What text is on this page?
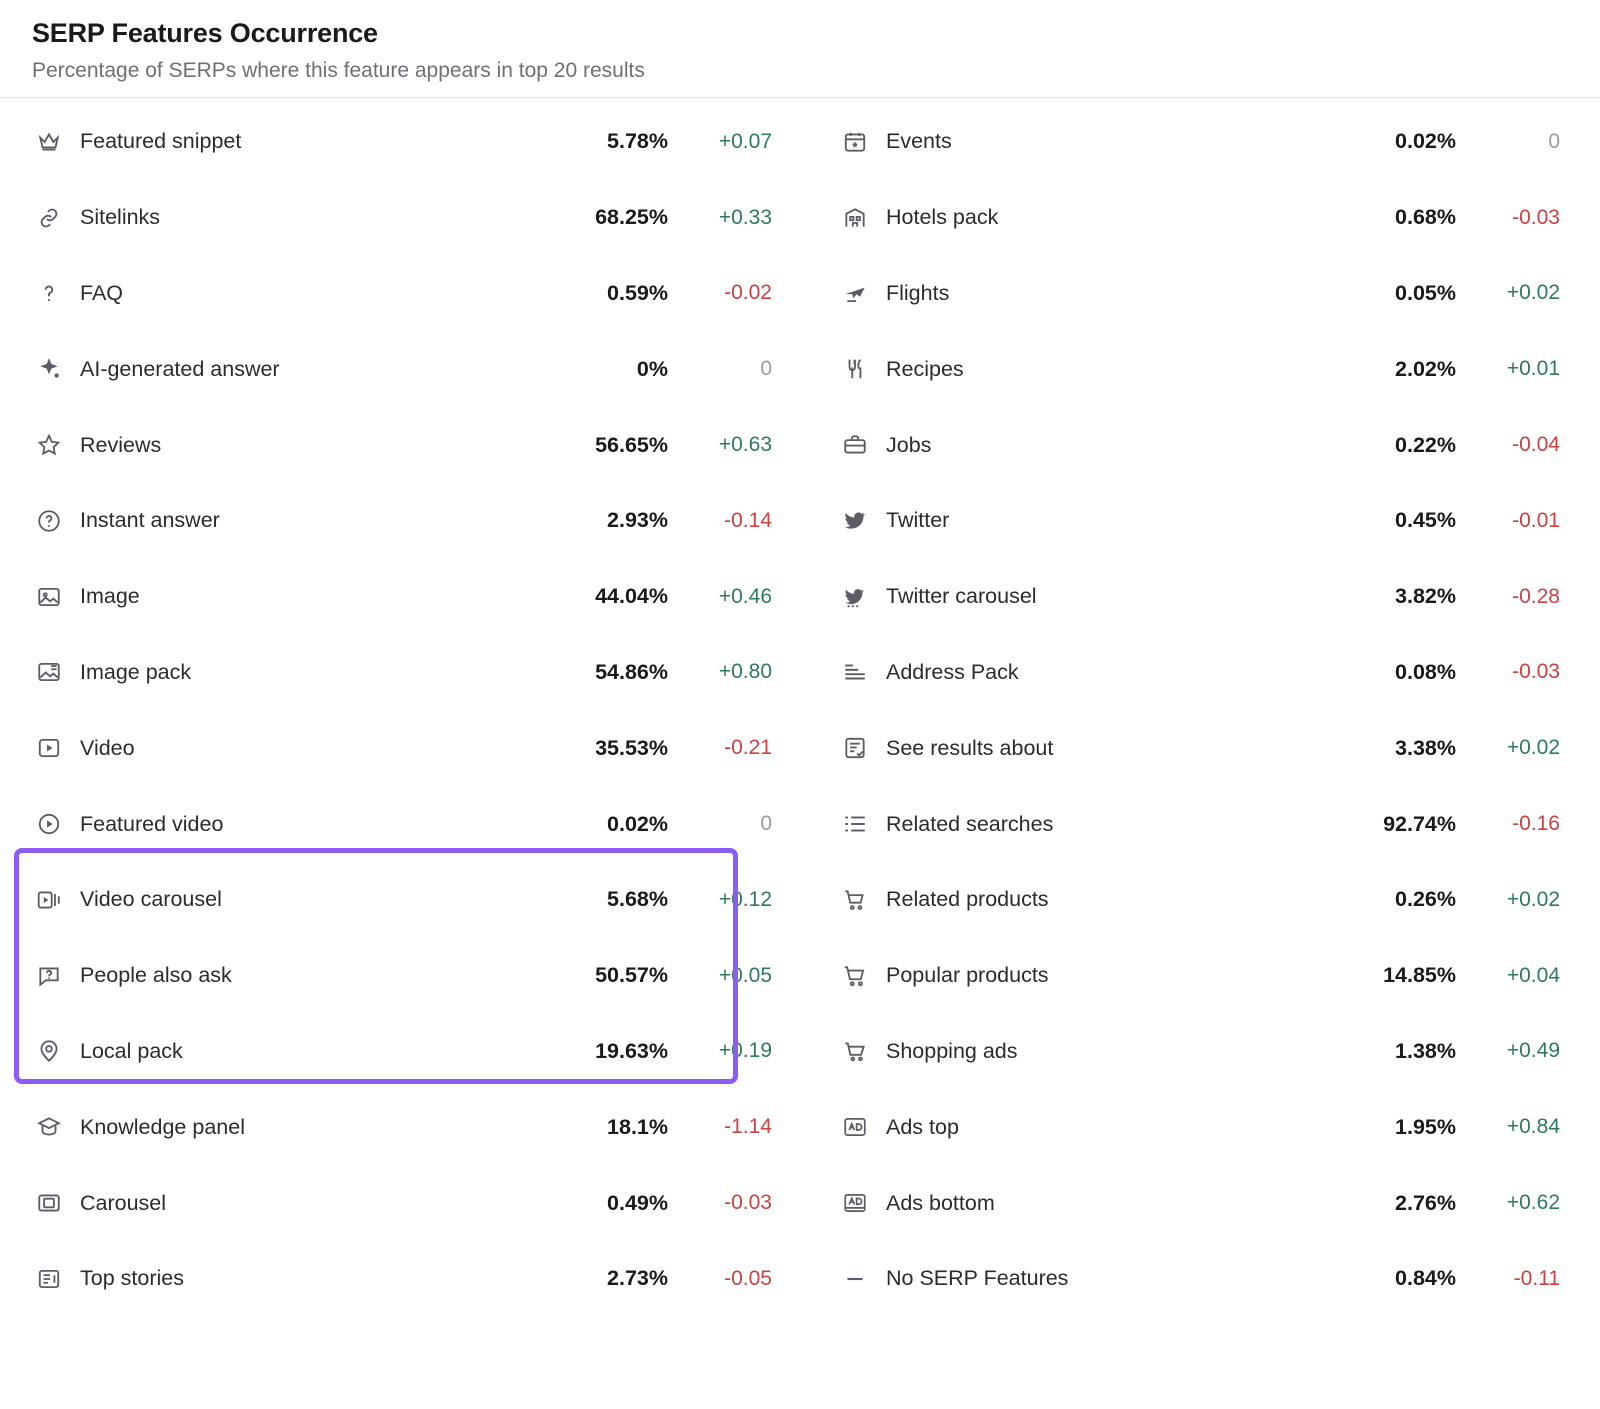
SERP Features Occurrence

Percentage of SERPs where this feature appears in top 20 results

Featured snippet	5.78%	+0.07
Sitelinks	68.25%	+0.33
FAQ	0.59%	-0.02
AI-generated answer	0%	0
Reviews	56.65%	+0.63
Instant answer	2.93%	-0.14
Image	44.04%	+0.46
Image pack	54.86%	+0.80
Video	35.53%	-0.21
Featured video	0.02%	0
Video carousel	5.68%	+0.12
People also ask	50.57%	+0.05
Local pack	19.63%	+0.19
Knowledge panel	18.1%	-1.14
Carousel	0.49%	-0.03
Top stories	2.73%	-0.05
Events	0.02%	0
Hotels pack	0.68%	-0.03
Flights	0.05%	+0.02
Recipes	2.02%	+0.01
Jobs	0.22%	-0.04
Twitter	0.45%	-0.01
Twitter carousel	3.82%	-0.28
Address Pack	0.08%	-0.03
See results about	3.38%	+0.02
Related searches	92.74%	-0.16
Related products	0.26%	+0.02
Popular products	14.85%	+0.04
Shopping ads	1.38%	+0.49
Ads top	1.95%	+0.84
Ads bottom	2.76%	+0.62
No SERP Features	0.84%	-0.11
